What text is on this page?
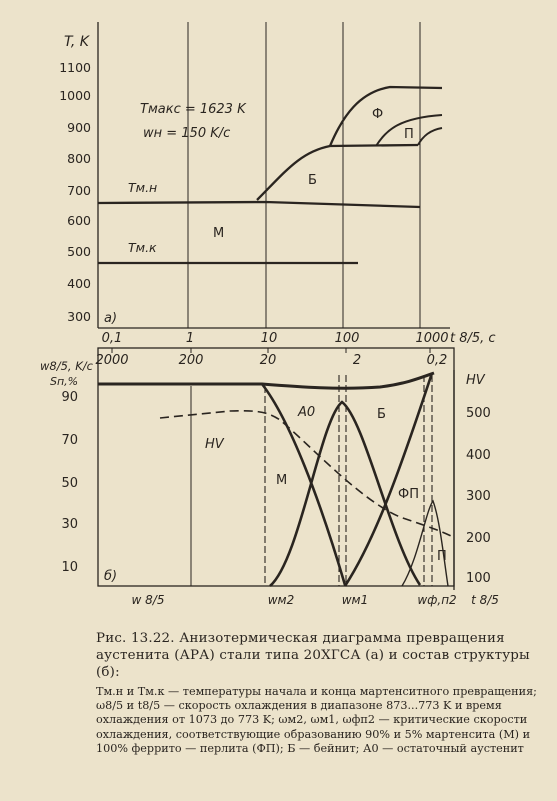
T, K
1100
1000
900
800
700
600
500
400
300
0,1	1	10	100	1000 t 8/5, c
а)
Tмакс = 1623 K
wн = 150 K/c
Tм.н
Tм.к
Ф
П
Б
М
w8/5, K/c 2000	200	20	2	0,2
Sп,%
90
70
50
30
10
HV
500
400
300
200
100
A0	Б
HV
М
ФП
П
б)
w 8/5	wм2	wм1	wф,п2 t 8/5

Рис. 13.22. Анизотермическая диаграмма превращения аустенита (АРА) стали типа 20ХГСА (а) и состав структуры (б):

Tм.н и Tм.к — температуры начала и конца мартенситного превращения; ω8/5 и t8/5 — скорость охлаждения в диапазоне 873...773 K и время охлаждения от 1073 до 773 K; ωм2, ωм1, ωфп2 — критические скорости охлаждения, соответствующие образованию 90% и 5% мартенсита (М) и 100% феррито — перлита (ФП); Б — бейнит; А0 — остаточный аустенит
